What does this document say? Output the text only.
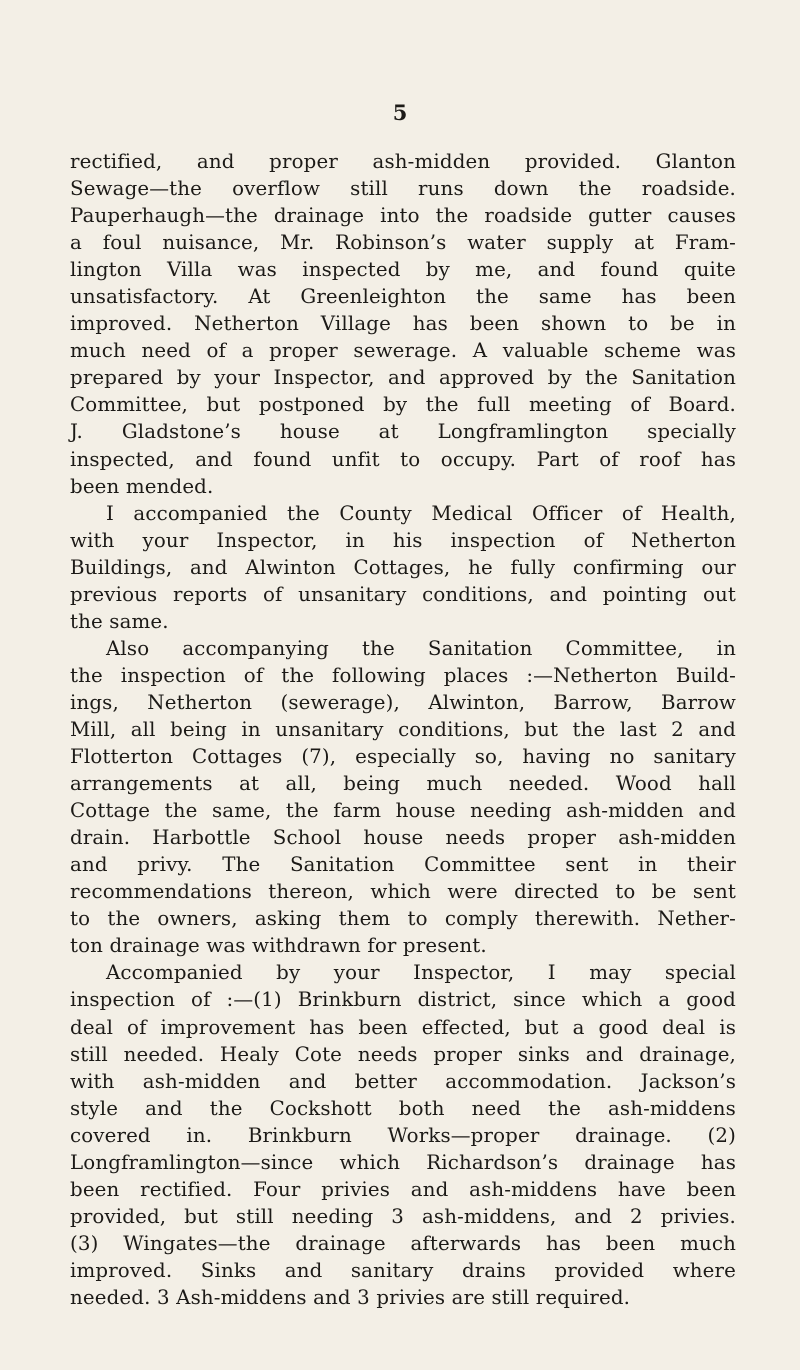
5
rectified, and proper ash-midden provided. Glanton
Sewage—the overflow still runs down the roadside.
Pauperhaugh—the drainage into the roadside gutter causes
a foul nuisance, Mr. Robinson’s water supply at Fram-
lington Villa was inspected by me, and found quite
unsatisfactory. At Greenleighton the same has been
improved. Netherton Village has been shown to be in
much need of a proper sewerage. A valuable scheme was
prepared by your Inspector, and approved by the Sanitation
Committee, but postponed by the full meeting of Board.
J. Gladstone’s house at Longframlington specially
inspected, and found unfit to occupy. Part of roof has
been mended.
I accompanied the County Medical Officer of Health,
with your Inspector, in his inspection of Netherton
Buildings, and Alwinton Cottages, he fully confirming our
previous reports of unsanitary conditions, and pointing out
the same.
Also accompanying the Sanitation Committee, in
the inspection of the following places :—Netherton Build-
ings, Netherton (sewerage), Alwinton, Barrow, Barrow
Mill, all being in unsanitary conditions, but the last 2 and
Flotterton Cottages (7), especially so, having no sanitary
arrangements at all, being much needed. Wood hall
Cottage the same, the farm house needing ash-midden and
drain. Harbottle School house needs proper ash-midden
and privy. The Sanitation Committee sent in their
recommendations thereon, which were directed to be sent
to the owners, asking them to comply therewith. Nether-
ton drainage was withdrawn for present.
Accompanied by your Inspector, I may special
inspection of :—(1) Brinkburn district, since which a good
deal of improvement has been effected, but a good deal is
still needed. Healy Cote needs proper sinks and drainage,
with ash-midden and better accommodation. Jackson’s
style and the Cockshott both need the ash-middens
covered in. Brinkburn Works—proper drainage. (2)
Longframlington—since which Richardson’s drainage has
been rectified. Four privies and ash-middens have been
provided, but still needing 3 ash-middens, and 2 privies.
(3) Wingates—the drainage afterwards has been much
improved. Sinks and sanitary drains provided where
needed. 3 Ash-middens and 3 privies are still required.
